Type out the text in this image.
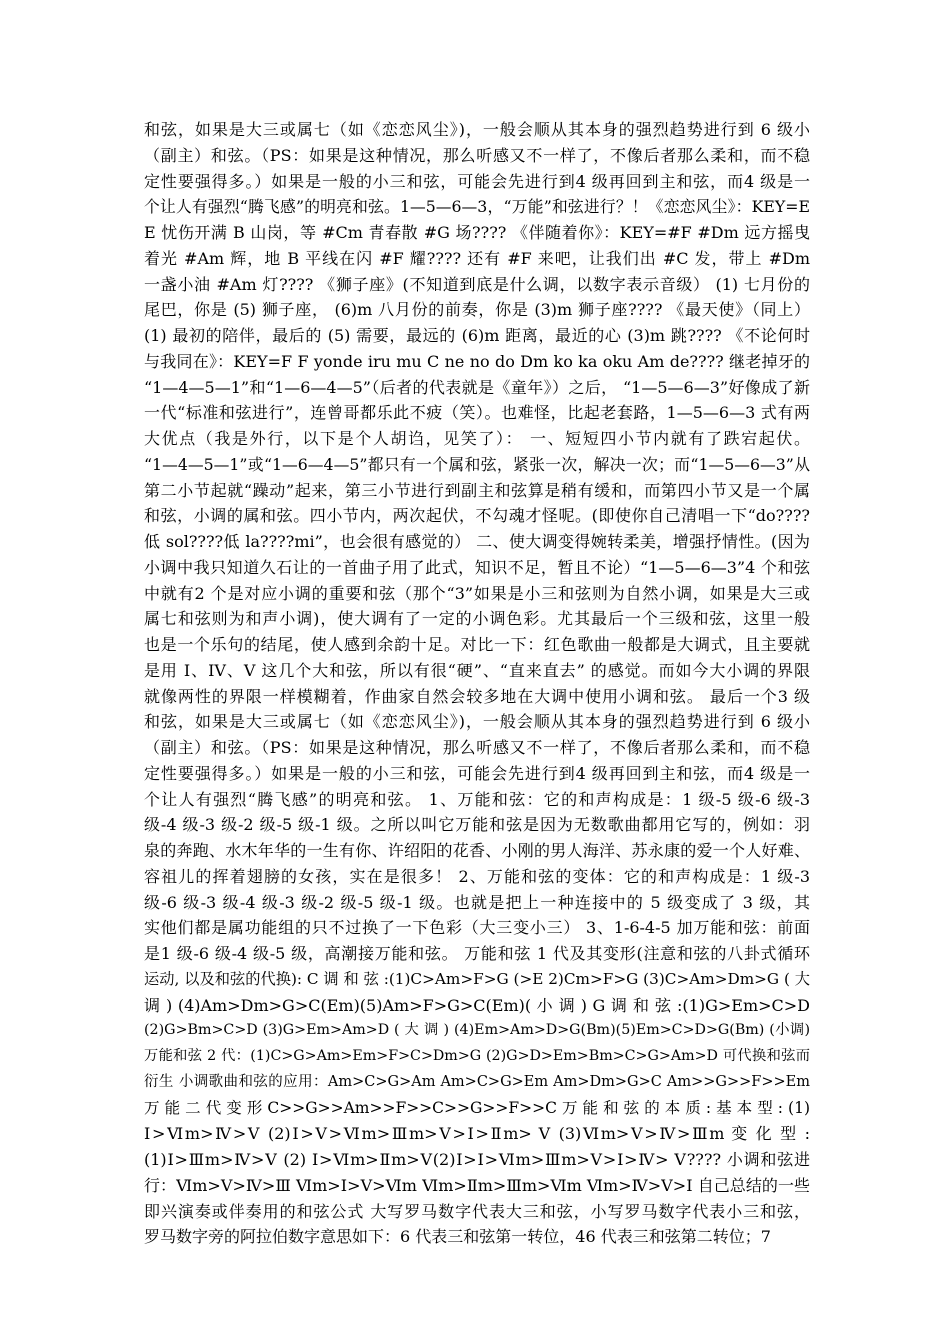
和弦，如果是大三或属七（如《恋恋风尘》)，一般会顺从其本身的强烈趋势进行到 6 级小
（副主）和弦。（PS：如果是这种情况，那么听感又不一样了，不像后者那么柔和，而不稳
定性要强得多。）如果是一般的小三和弦，可能会先进行到4 级再回到主和弦，而4 级是一
个让人有强烈“腾飞感”的明亮和弦。1—5—6—3，“万能”和弦进行？！《恋恋风尘》：KEY=E
E 忧伤开满 B 山岗，等 #Cm 青春散 #G 场???? 《伴随着你》：KEY=#F #Dm 远方摇曳
着光 #Am 辉，地 B 平线在闪 #F 耀???? 还有 #F 来吧，让我们出 #C 发，带上 #Dm
一盏小油 #Am 灯???? 《狮子座》(不知道到底是什么调，以数字表示音级） (1) 七月份的
尾巴，你是 (5) 狮子座， (6)m 八月份的前奏，你是 (3)m 狮子座???? 《最天使》（同上）
(1) 最初的陪伴，最后的 (5) 需要，最远的 (6)m 距离，最近的心 (3)m 跳???? 《不论何时
与我同在》：KEY=F F yonde iru mu C ne no do Dm ko ka oku Am de???? 继老掉牙的
“1—4—5—1”和“1—6—4—5”（后者的代表就是《童年》）之后， “1—5—6—3”好像成了新
一代“标准和弦进行”，连曾哥都乐此不疲（笑）。也难怪，比起老套路，1—5—6—3 式有两
大优点（我是外行，以下是个人胡诌，见笑了）： 一、短短四小节内就有了跌宕起伏。
“1—4—5—1”或“1—6—4—5”都只有一个属和弦，紧张一次，解决一次；而“1—5—6—3”从
第二小节起就“躁动”起来，第三小节进行到副主和弦算是稍有缓和，而第四小节又是一个属
和弦，小调的属和弦。四小节内，两次起伏，不勾魂才怪呢。(即使你自己清唱一下“do????
低 sol????低 la????mi”，也会很有感觉的） 二、使大调变得婉转柔美，增强抒情性。(因为
小调中我只知道久石让的一首曲子用了此式，知识不足，暂且不论）“1—5—6—3”4 个和弦
中就有2 个是对应小调的重要和弦（那个“3”如果是小三和弦则为自然小调，如果是大三或
属七和弦则为和声小调)，使大调有了一定的小调色彩。尤其最后一个三级和弦，这里一般
也是一个乐句的结尾，使人感到余韵十足。对比一下：红色歌曲一般都是大调式，且主要就
是用 I、IV、V 这几个大和弦，所以有很“硬”、“直来直去” 的感觉。而如今大小调的界限
就像两性的界限一样模糊着，作曲家自然会较多地在大调中使用小调和弦。 最后一个3 级
和弦，如果是大三或属七（如《恋恋风尘》)，一般会顺从其本身的强烈趋势进行到 6 级小
（副主）和弦。（PS：如果是这种情况，那么听感又不一样了，不像后者那么柔和，而不稳
定性要强得多。）如果是一般的小三和弦，可能会先进行到4 级再回到主和弦，而4 级是一
个让人有强烈“腾飞感”的明亮和弦。 1、万能和弦：它的和声构成是：1 级-5 级-6 级-3
级-4 级-3 级-2 级-5 级-1 级。之所以叫它万能和弦是因为无数歌曲都用它写的，例如：羽
泉的奔跑、水木年华的一生有你、许绍阳的花香、小刚的男人海洋、苏永康的爱一个人好难、
容祖儿的挥着翅膀的女孩，实在是很多！ 2、万能和弦的变体：它的和声构成是：1 级-3
级-6 级-3 级-4 级-3 级-2 级-5 级-1 级。也就是把上一种连接中的 5 级变成了 3 级，其
实他们都是属功能组的只不过换了一下色彩（大三变小三） 3、1-6-4-5 加万能和弦：前面
是1 级-6 级-4 级-5 级，高潮接万能和弦。 万能和弦 1 代及其变形(注意和弦的八卦式循环
运动, 以及和弦的代换): C 调 和 弦 :(1)C>Am>F>G (>E 2)Cm>F>G (3)C>Am>Dm>G ( 大
调 ) (4)Am>Dm>G>C(Em)(5)Am>F>G>C(Em)( 小 调 ) G 调 和 弦 :(1)G>Em>C>D
(2)G>Bm>C>D (3)G>Em>Am>D ( 大 调 ) (4)Em>Am>D>G(Bm)(5)Em>C>D>G(Bm) (小调)
万能和弦 2 代：(1)C>G>Am>Em>F>C>Dm>G (2)G>D>Em>Bm>C>G>Am>D 可代换和弦而
衍生 小调歌曲和弦的应用：Am>C>G>Am Am>C>G>Em Am>Dm>G>C Am>>G>>F>>Em
万 能 二 代 变 形 C>>G>>Am>>F>>C>>G>>F>>C 万 能 和 弦 的 本 质 : 基 本 型 : (1)
Ⅰ>Ⅵm>Ⅳ>Ⅴ (2)Ⅰ>Ⅴ>Ⅵm>Ⅲm>Ⅴ>Ⅰ>Ⅱm> Ⅴ (3)Ⅵm>Ⅴ>Ⅳ>Ⅲm 变 化 型 :
(1)Ⅰ>Ⅲm>Ⅳ>Ⅴ (2) Ⅰ>Ⅵm>Ⅱm>Ⅴ(2)Ⅰ>Ⅰ>Ⅵm>Ⅲm>Ⅴ>Ⅰ>Ⅳ> Ⅴ???? 小调和弦进
行：Ⅵm>Ⅴ>Ⅳ>Ⅲ Ⅵm>Ⅰ>Ⅴ>Ⅵm Ⅵm>Ⅱm>Ⅲm>Ⅵm Ⅵm>Ⅳ>Ⅴ>Ⅰ 自己总结的一些
即兴演奏或伴奏用的和弦公式 大写罗马数字代表大三和弦，小写罗马数字代表小三和弦，
罗马数字旁的阿拉伯数字意思如下：6 代表三和弦第一转位，46 代表三和弦第二转位；7
